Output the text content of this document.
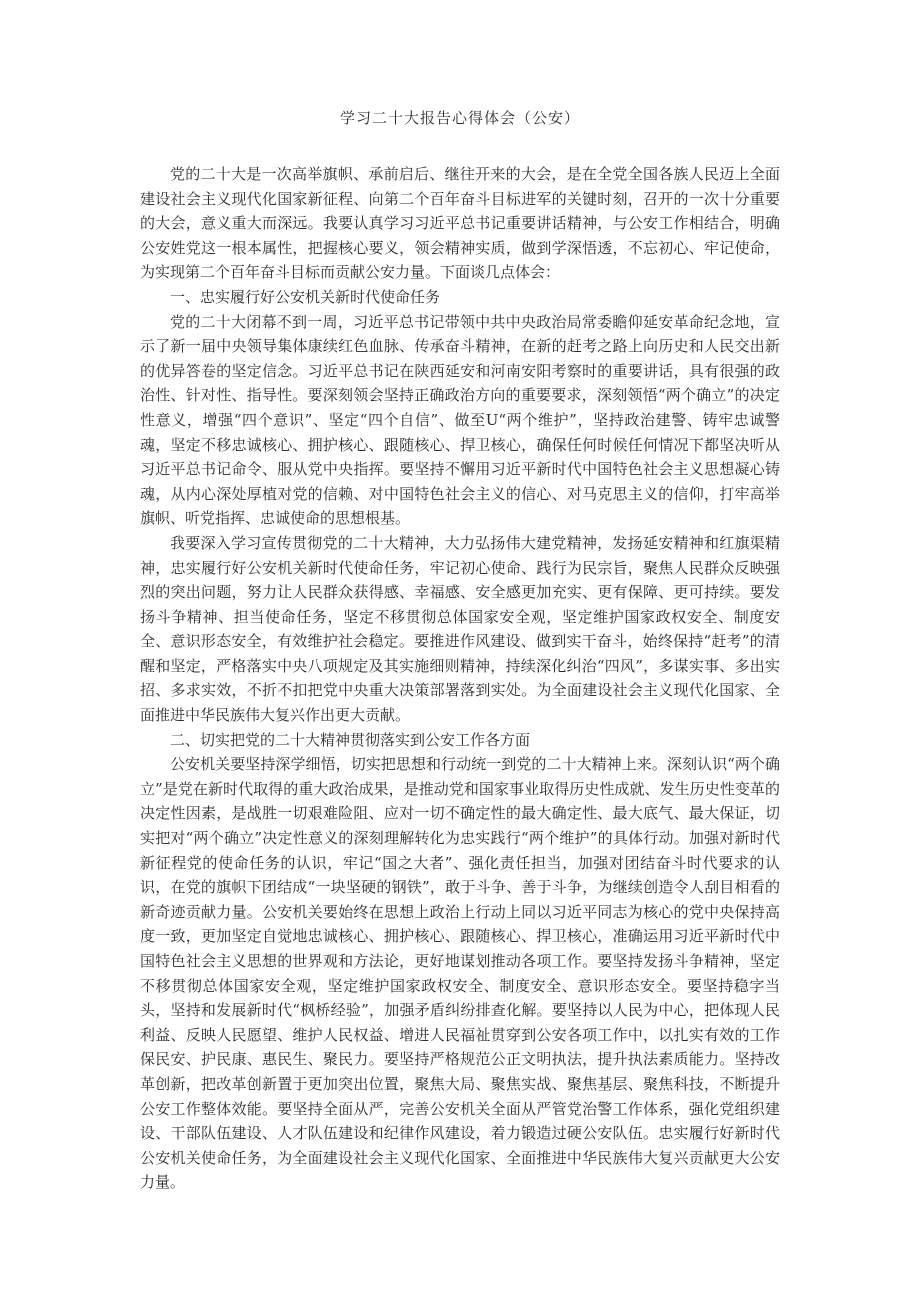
学习二十大报告心得体会（公安）

党的二十大是一次高举旗帜、承前启后、继往开来的大会，是在全党全国各族人民迈上全面建设社会主义现代化国家新征程、向第二个百年奋斗目标进军的关键时刻，召开的一次十分重要的大会，意义重大而深远。我要认真学习习近平总书记重要讲话精神，与公安工作相结合，明确公安姓党这一根本属性，把握核心要义，领会精神实质，做到学深悟透，不忘初心、牢记使命，为实现第二个百年奋斗目标而贡献公安力量。下面谈几点体会：

一、忠实履行好公安机关新时代使命任务

党的二十大闭幕不到一周，习近平总书记带领中共中央政治局常委瞻仰延安革命纪念地，宣示了新一届中央领导集体康续红色血脉、传承奋斗精神，在新的赶考之路上向历史和人民交出新的优异答卷的坚定信念。习近平总书记在陕西延安和河南安阳考察时的重要讲话，具有很强的政治性、针对性、指导性。要深刻领会坚持正确政治方向的重要要求，深刻领悟“两个确立”的决定性意义，增强“四个意识”、坚定“四个自信”、做至U“两个维护”，坚持政治建警、铸牢忠诚警魂，坚定不移忠诚核心、拥护核心、跟随核心、捍卫核心，确保任何时候任何情况下都坚决听从习近平总书记命令、服从党中央指挥。要坚持不懈用习近平新时代中国特色社会主义思想凝心铸魂，从内心深处厚植对党的信赖、对中国特色社会主义的信心、对马克思主义的信仰，打牢高举旗帜、听党指挥、忠诚使命的思想根基。

我要深入学习宣传贯彻党的二十大精神，大力弘扬伟大建党精神，发扬延安精神和红旗渠精神，忠实履行好公安机关新时代使命任务，牢记初心使命、践行为民宗旨，聚焦人民群众反映强烈的突出问题，努力让人民群众获得感、幸福感、安全感更加充实、更有保障、更可持续。要发扬斗争精神、担当使命任务，坚定不移贯彻总体国家安全观，坚定维护国家政权安全、制度安全、意识形态安全，有效维护社会稳定。要推进作风建设、做到实干奋斗，始终保持“赶考”的清醒和坚定，严格落实中央八项规定及其实施细则精神，持续深化纠治“四风”，多谋实事、多出实招、多求实效，不折不扣把党中央重大决策部署落到实处。为全面建设社会主义现代化国家、全面推进中华民族伟大复兴作出更大贡献。

二、切实把党的二十大精神贯彻落实到公安工作各方面

公安机关要坚持深学细悟，切实把思想和行动统一到党的二十大精神上来。深刻认识“两个确立”是党在新时代取得的重大政治成果，是推动党和国家事业取得历史性成就、发生历史性变革的决定性因素，是战胜一切艰难险阻、应对一切不确定性的最大确定性、最大底气、最大保证，切实把对“两个确立”决定性意义的深刻理解转化为忠实践行“两个维护”的具体行动。加强对新时代新征程党的使命任务的认识，牢记“国之大者”、强化责任担当，加强对团结奋斗时代要求的认识，在党的旗帜下团结成“一块坚硬的钢铁”，敢于斗争、善于斗争，为继续创造令人刮目相看的新奇迹贡献力量。公安机关要始终在思想上政治上行动上同以习近平同志为核心的党中央保持高度一致，更加坚定自觉地忠诚核心、拥护核心、跟随核心、捍卫核心，准确运用习近平新时代中国特色社会主义思想的世界观和方法论，更好地谋划推动各项工作。要坚持发扬斗争精神，坚定不移贯彻总体国家安全观，坚定维护国家政权安全、制度安全、意识形态安全。要坚持稳字当头，坚持和发展新时代“枫桥经验”，加强矛盾纠纷排查化解。要坚持以人民为中心，把体现人民利益、反映人民愿望、维护人民权益、增进人民福祉贯穿到公安各项工作中，以扎实有效的工作保民安、护民康、惠民生、聚民力。要坚持严格规范公正文明执法，提升执法素质能力。坚持改革创新，把改革创新置于更加突出位置，聚焦大局、聚焦实战、聚焦基层、聚焦科技，不断提升公安工作整体效能。要坚持全面从严，完善公安机关全面从严管党治警工作体系，强化党组织建设、干部队伍建设、人才队伍建设和纪律作风建设，着力锻造过硬公安队伍。忠实履行好新时代公安机关使命任务，为全面建设社会主义现代化国家、全面推进中华民族伟大复兴贡献更大公安力量。
